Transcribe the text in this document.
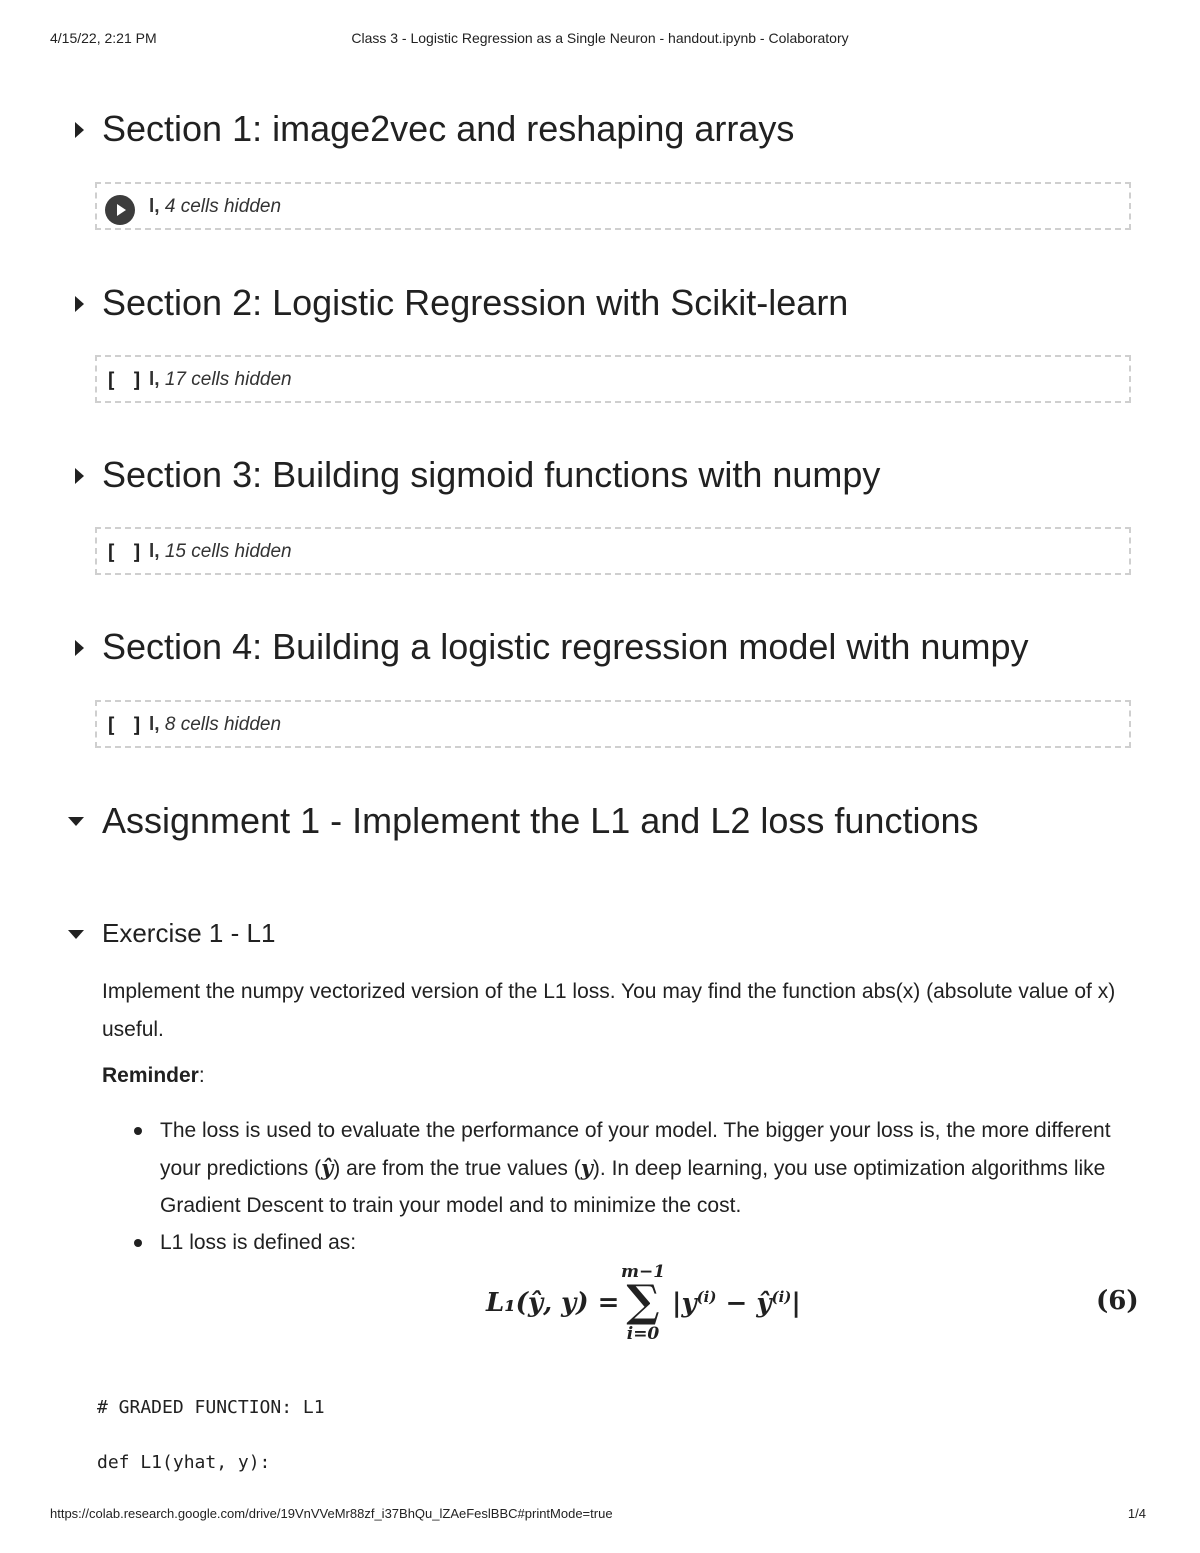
4/15/22, 2:21 PM	Class 3 - Logistic Regression as a Single Neuron - handout.ipynb - Colaboratory
Section 1: image2vec and reshaping arrays
l, 4 cells hidden
Section 2: Logistic Regression with Scikit-learn
[ ] l, 17 cells hidden
Section 3: Building sigmoid functions with numpy
[ ] l, 15 cells hidden
Section 4: Building a logistic regression model with numpy
[ ] l, 8 cells hidden
Assignment 1 - Implement the L1 and L2 loss functions
Exercise 1 - L1
Implement the numpy vectorized version of the L1 loss. You may find the function abs(x) (absolute value of x) useful.
Reminder:
The loss is used to evaluate the performance of your model. The bigger your loss is, the more different your predictions (ŷ) are from the true values (y). In deep learning, you use optimization algorithms like Gradient Descent to train your model and to minimize the cost.
L1 loss is defined as:
L₁(ŷ, y) =
m−1
∑
i=0
$|y^{(i)}$ − $ŷ^{(i)}|$	(6)
# GRADED FUNCTION: L1
def L1(yhat, y):
https://colab.research.google.com/drive/19VnVVeMr88zf_i37BhQu_lZAeFeslBBC#printMode=true	1/4
